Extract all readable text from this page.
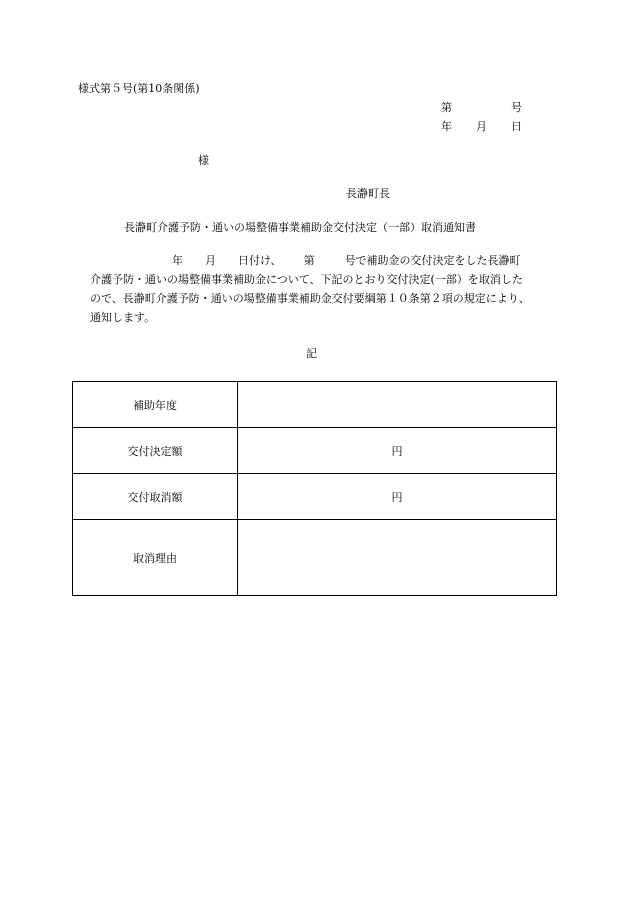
様式第５号(第10条関係)
第	号
年 月 日
様
長瀞町長
長瀞町介護予防・通いの場整備事業補助金交付決定（一部）取消通知書
年 月 日付け、 第	号で補助金の交付決定をした長瀞町
介護予防・通いの場整備事業補助金について、下記のとおり交付決定(一部）を取消した
ので、長瀞町介護予防・通いの場整備事業補助金交付要綱第１０条第２項の規定により、
通知します。
記
補助年度	
交付決定額	円
交付取消額	円
取消理由	
